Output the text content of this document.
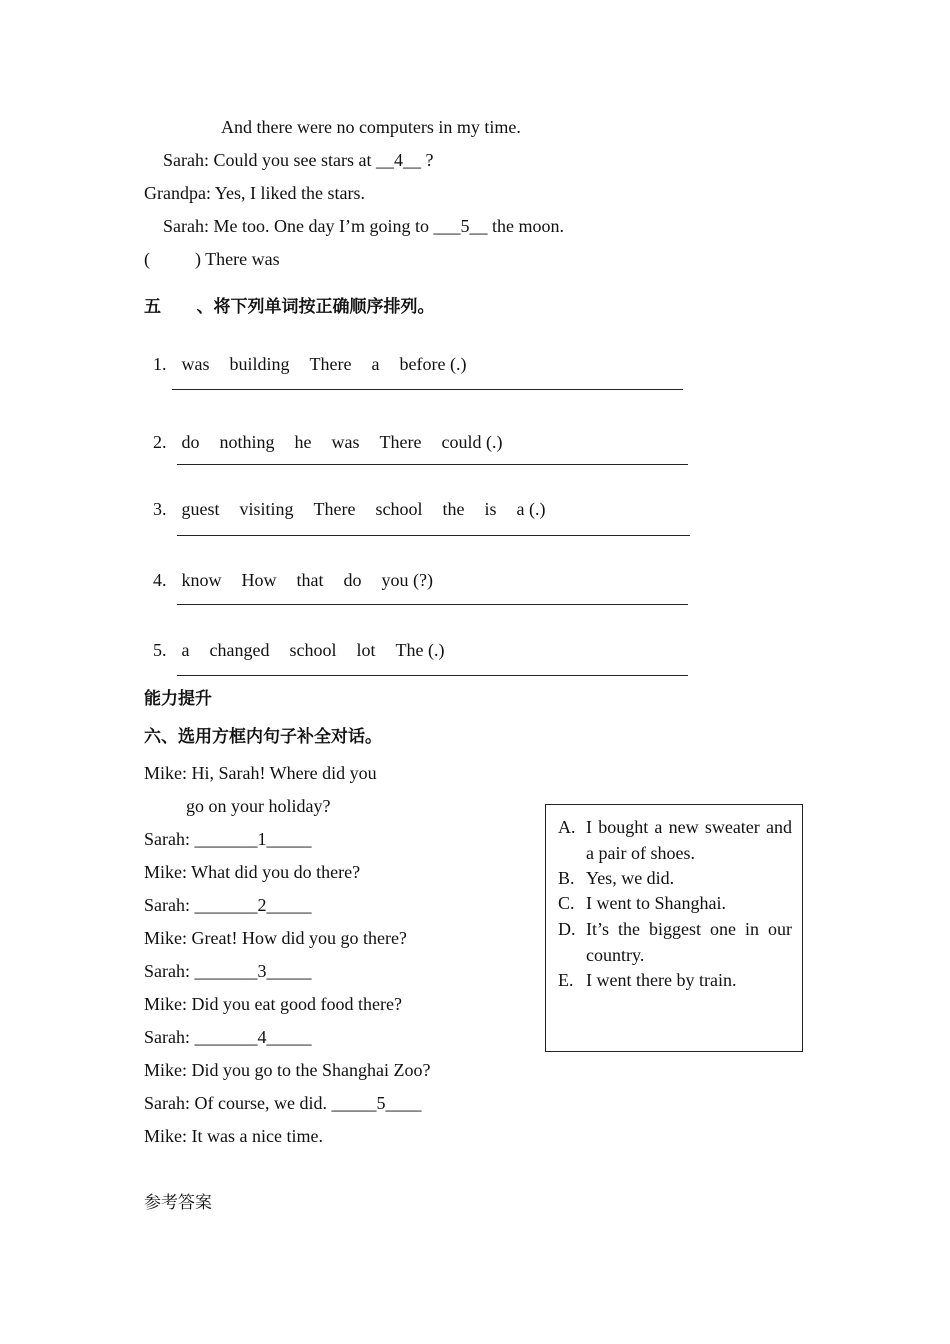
And there were no computers in my time.
Sarah: Could you see stars at __4__ ?
Grandpa: Yes, I liked the stars.
Sarah: Me too. One day I’m going to ___5__ the moon.
(          ) There was
五      、将下列单词按正确顺序排列。

1. was building There a before (.)

2. do nothing he was There could (.)

3. guest visiting There school the is a (.)

4. know How that do you (?)

5. a changed school lot The (.)

能力提升
六、选用方框内句子补全对话。
Mike: Hi, Sarah! Where did you
go on your holiday?
Sarah: _______1_____
Mike: What did you do there?
Sarah: _______2_____
Mike: Great! How did you go there?
Sarah: _______3_____
Mike: Did you eat good food there?
Sarah: _______4_____
Mike: Did you go to the Shanghai Zoo?
Sarah: Of course, we did. _____5____
Mike: It was a nice time.
A. I bought a new sweater and a pair of shoes.
B. Yes, we did.
C. I went to Shanghai.
D. It’s the biggest one in our country.
E. I went there by train.
参考答案
